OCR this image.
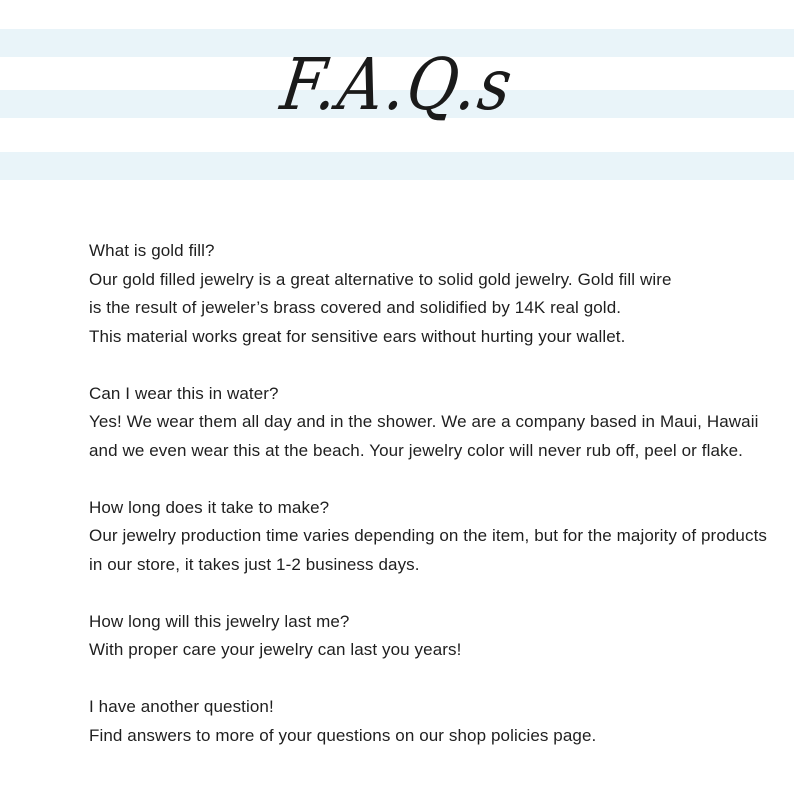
F.A.Q.s
What is gold fill?
Our gold filled jewelry is a great alternative to solid gold jewelry. Gold fill wire
is the result of jeweler’s brass covered and solidified by 14K real gold.
This material works great for sensitive ears without hurting your wallet.
Can I wear this in water?
Yes! We wear them all day and in the shower. We are a company based in Maui, Hawaii
and we even wear this at the beach. Your jewelry color will never rub off, peel or flake.
How long does it take to make?
Our jewelry production time varies depending on the item, but for the majority of products
in our store, it takes just 1-2 business days.
How long will this jewelry last me?
With proper care your jewelry can last you years!
I have another question!
Find answers to more of your questions on our shop policies page.
